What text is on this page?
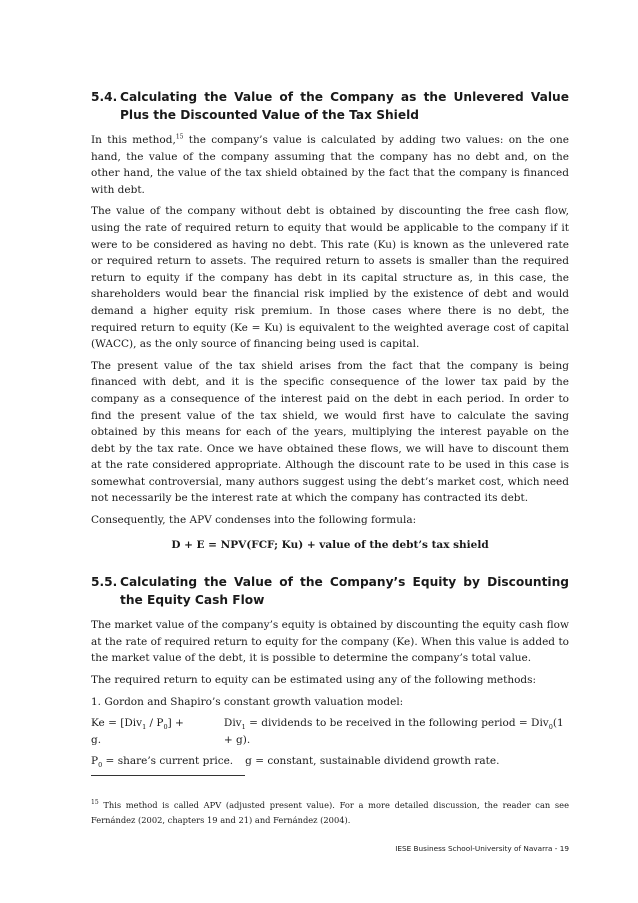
5.4. Calculating the Value of the Company as the Unlevered Value Plus the Discounted Value of the Tax Shield

In this method,$^{15}$ the company’s value is calculated by adding two values: on the one hand, the value of the company assuming that the company has no debt and, on the other hand, the value of the tax shield obtained by the fact that the company is financed with debt.

The value of the company without debt is obtained by discounting the free cash flow, using the rate of required return to equity that would be applicable to the company if it were to be considered as having no debt. This rate (Ku) is known as the unlevered rate or required return to assets. The required return to assets is smaller than the required return to equity if the company has debt in its capital structure as, in this case, the shareholders would bear the financial risk implied by the existence of debt and would demand a higher equity risk premium. In those cases where there is no debt, the required return to equity (Ke = Ku) is equivalent to the weighted average cost of capital (WACC), as the only source of financing being used is capital.

The present value of the tax shield arises from the fact that the company is being financed with debt, and it is the specific consequence of the lower tax paid by the company as a consequence of the interest paid on the debt in each period. In order to find the present value of the tax shield, we would first have to calculate the saving obtained by this means for each of the years, multiplying the interest payable on the debt by the tax rate. Once we have obtained these flows, we will have to discount them at the rate considered appropriate. Although the discount rate to be used in this case is somewhat controversial, many authors suggest using the debt’s market cost, which need not necessarily be the interest rate at which the company has contracted its debt.

Consequently, the APV condenses into the following formula:

D + E = NPV(FCF; Ku) + value of the debt’s tax shield

5.5. Calculating the Value of the Company’s Equity by Discounting the Equity Cash Flow

The market value of the company’s equity is obtained by discounting the equity cash flow at the rate of required return to equity for the company (Ke). When this value is added to the market value of the debt, it is possible to determine the company’s total value.

The required return to equity can be estimated using any of the following methods:

1. Gordon and Shapiro’s constant growth valuation model:

$Ke = [Div_1 / P_0] + g$.
Div$_1$ = dividends to be received in the following period = Div$_0$(1 + g).

$P_0$ = share’s current price. g = constant, sustainable dividend growth rate.

$^{15}$ This method is called APV (adjusted present value). For a more detailed discussion, the reader can see Fernández (2002, chapters 19 and 21) and Fernández (2004).

IESE Business School-University of Navarra - 19
